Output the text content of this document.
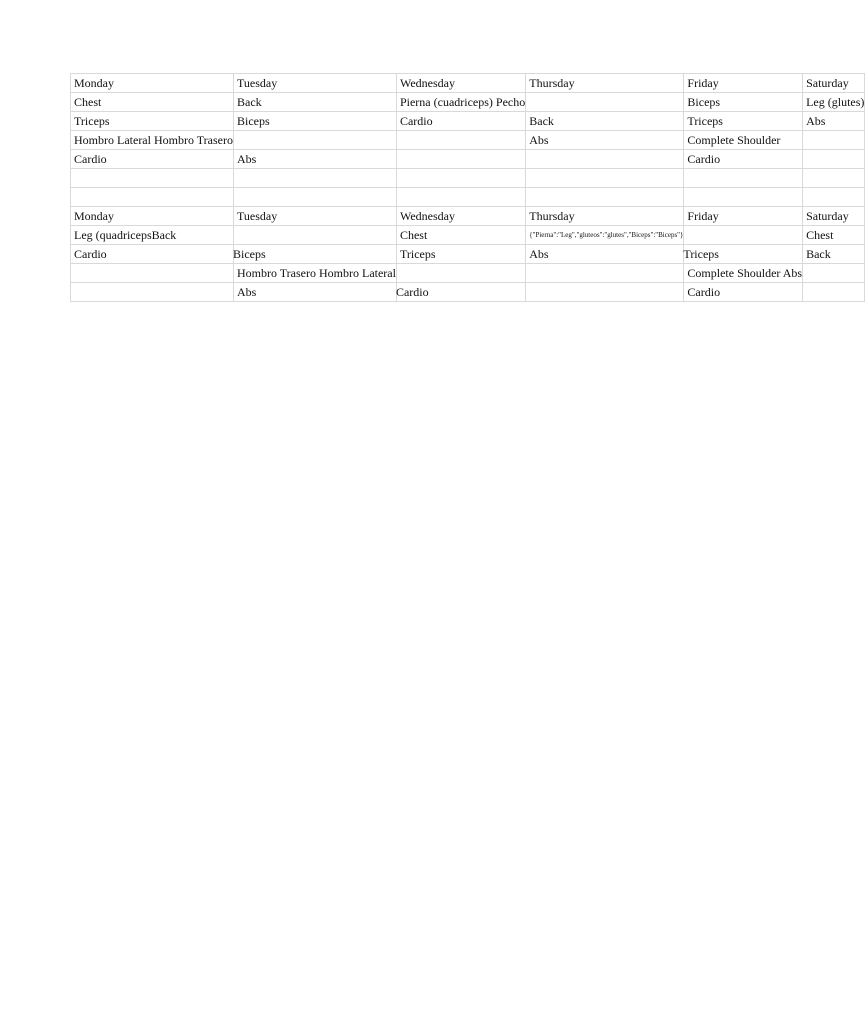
Monday	Tuesday	Wednesday	Thursday	Friday	Saturday
Chest	Back	Pierna (cuadriceps) Pecho		Biceps	Leg (glutes)
Triceps	Biceps	Cardio	Back	Triceps	Abs
Hombro Lateral Hombro Trasero			Abs	Complete Shoulder	
Cardio	Abs			Cardio	

Monday	Tuesday	Wednesday	Thursday	Friday	Saturday
Leg (quadricepsBack		Chest	{"Pierna":"Leg","gluteos":"glutes","Biceps":"Biceps"}		Chest
Cardio	Biceps	Triceps	Abs	Triceps	Back
	Hombro Trasero Hombro Lateral			Complete Shoulder Abs	
	Abs	Cardio		Cardio	
